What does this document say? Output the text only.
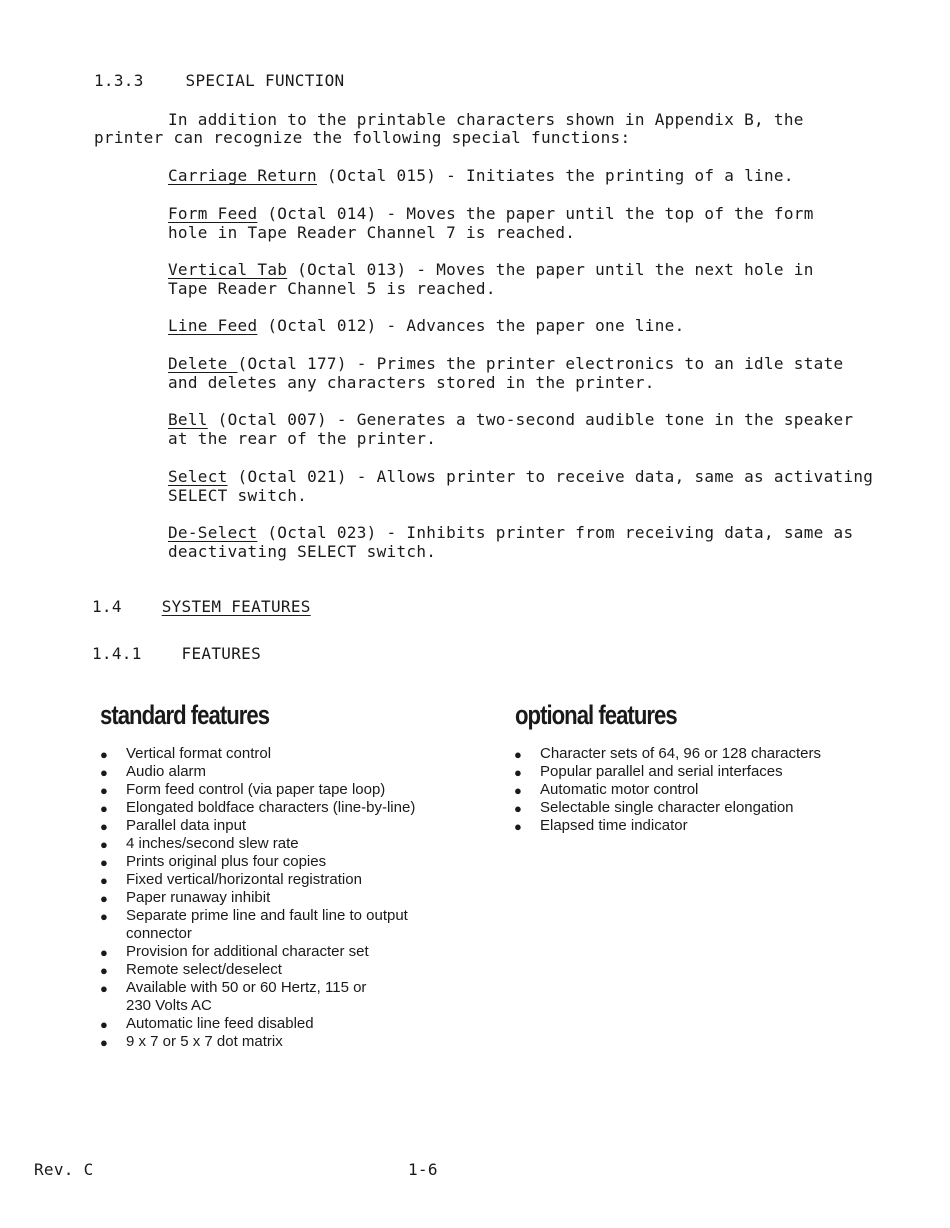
1.3.3	SPECIAL FUNCTION
In addition to the printable characters shown in Appendix B, the
printer can recognize the following special functions:
Carriage Return (Octal 015) - Initiates the printing of a line.
Form Feed (Octal 014) - Moves the paper until the top of the form
hole in Tape Reader Channel 7 is reached.
Vertical Tab (Octal 013) - Moves the paper until the next hole in
Tape Reader Channel 5 is reached.
Line Feed (Octal 012) - Advances the paper one line.
Delete (Octal 177) - Primes the printer electronics to an idle state
and deletes any characters stored in the printer.
Bell (Octal 007) - Generates a two-second audible tone in the speaker
at the rear of the printer.
Select (Octal 021) - Allows printer to receive data, same as activating
SELECT switch.
De-Select (Octal 023) - Inhibits printer from receiving data, same as
deactivating SELECT switch.
1.4 SYSTEM FEATURES
1.4.1 FEATURES
standard features
● Vertical format control
● Audio alarm
● Form feed control (via paper tape loop)
● Elongated boldface characters (line-by-line)
● Parallel data input
● 4 inches/second slew rate
● Prints original plus four copies
● Fixed vertical/horizontal registration
● Paper runaway inhibit
● Separate prime line and fault line to output
connector
● Provision for additional character set
● Remote select/deselect
● Available with 50 or 60 Hertz, 115 or
230 Volts AC
● Automatic line feed disabled
● 9 x 7 or 5 x 7 dot matrix
optional features
● Character sets of 64, 96 or 128 characters
● Popular parallel and serial interfaces
● Automatic motor control
● Selectable single character elongation
● Elapsed time indicator
Rev. C	1-6
